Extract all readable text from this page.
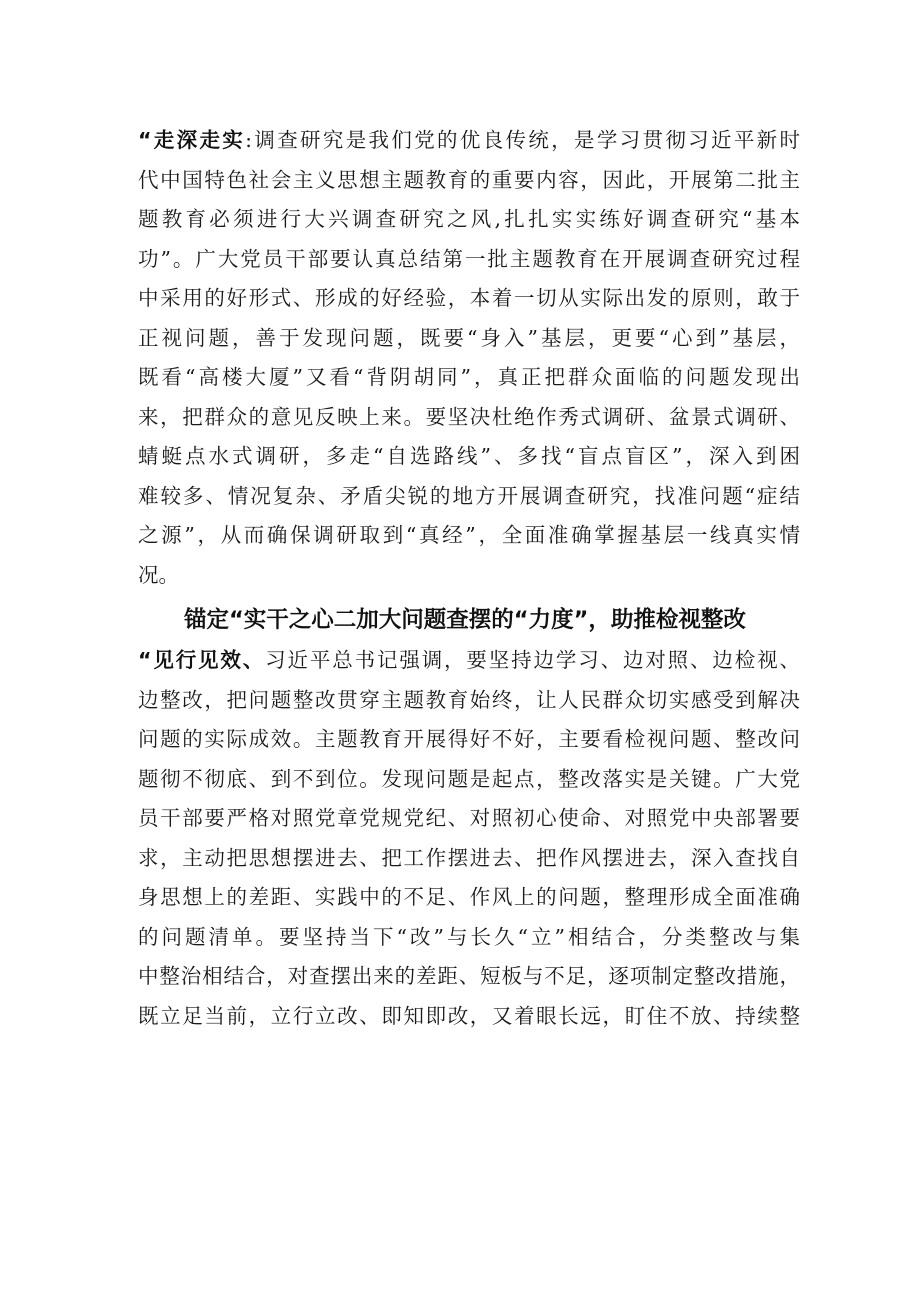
“走深走实:调查研究是我们党的优良传统，是学习贯彻习近平新时
代中国特色社会主义思想主题教育的重要内容，因此，开展第二批主
题教育必须进行大兴调查研究之风,扎扎实实练好调查研究“基本
功”。广大党员干部要认真总结第一批主题教育在开展调查研究过程
中采用的好形式、形成的好经验，本着一切从实际出发的原则，敢于
正视问题，善于发现问题，既要“身入”基层，更要“心到”基层，
既看“高楼大厦”又看“背阴胡同”，真正把群众面临的问题发现出
来，把群众的意见反映上来。要坚决杜绝作秀式调研、盆景式调研、
蜻蜓点水式调研，多走“自选路线”、多找“盲点盲区”，深入到困
难较多、情况复杂、矛盾尖锐的地方开展调查研究，找准问题“症结
之源”，从而确保调研取到“真经”，全面准确掌握基层一线真实情
况。
锚定“实干之心二加大问题查摆的“力度”，助推检视整改
“见行见效、习近平总书记强调，要坚持边学习、边对照、边检视、
边整改，把问题整改贯穿主题教育始终，让人民群众切实感受到解决
问题的实际成效。主题教育开展得好不好，主要看检视问题、整改问
题彻不彻底、到不到位。发现问题是起点，整改落实是关键。广大党
员干部要严格对照党章党规党纪、对照初心使命、对照党中央部署要
求，主动把思想摆进去、把工作摆进去、把作风摆进去，深入查找自
身思想上的差距、实践中的不足、作风上的问题，整理形成全面准确
的问题清单。要坚持当下“改”与长久“立”相结合，分类整改与集
中整治相结合，对查摆出来的差距、短板与不足，逐项制定整改措施，
既立足当前，立行立改、即知即改，又着眼长远，盯住不放、持续整
